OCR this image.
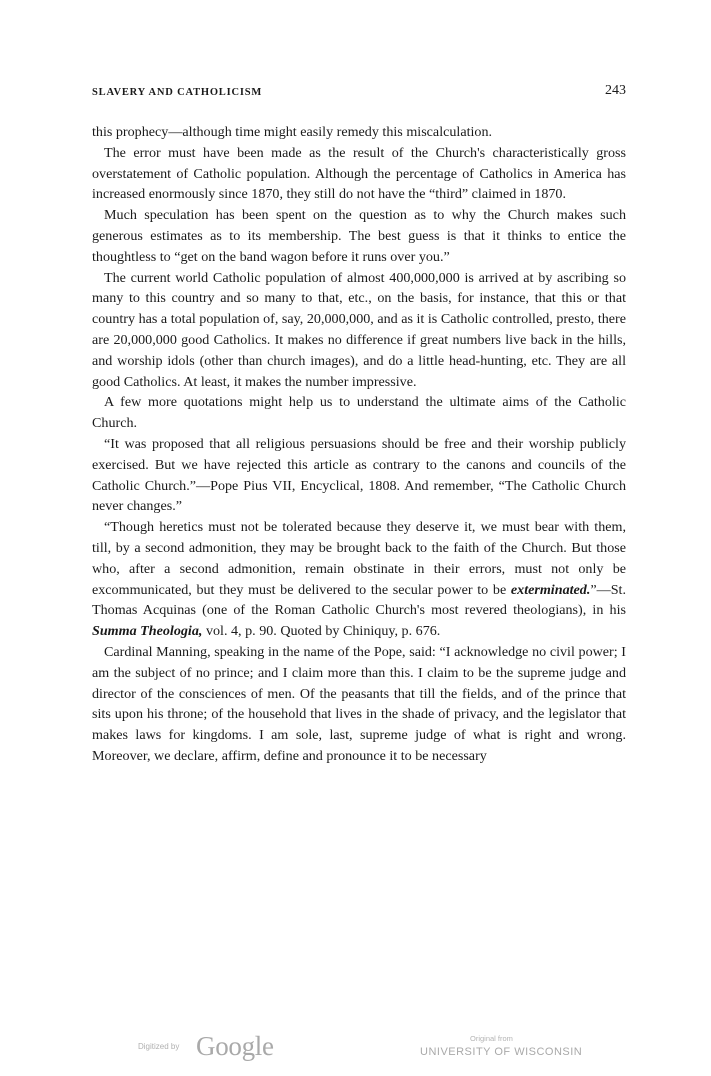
SLAVERY AND CATHOLICISM	243

this prophecy—although time might easily remedy this miscalculation.

The error must have been made as the result of the Church's characteristically gross overstatement of Catholic population. Although the percentage of Catholics in America has increased enormously since 1870, they still do not have the “third” claimed in 1870.

Much speculation has been spent on the question as to why the Church makes such generous estimates as to its membership. The best guess is that it thinks to entice the thoughtless to “get on the band wagon before it runs over you.”

The current world Catholic population of almost 400,000,000 is arrived at by ascribing so many to this country and so many to that, etc., on the basis, for instance, that this or that country has a total population of, say, 20,000,000, and as it is Catholic controlled, presto, there are 20,000,000 good Catholics. It makes no difference if great numbers live back in the hills, and worship idols (other than church images), and do a little head-hunting, etc. They are all good Catholics. At least, it makes the number impressive.

A few more quotations might help us to understand the ultimate aims of the Catholic Church.

“It was proposed that all religious persuasions should be free and their worship publicly exercised. But we have rejected this article as contrary to the canons and councils of the Catholic Church.”—Pope Pius VII, Encyclical, 1808. And remember, “The Catholic Church never changes.”

“Though heretics must not be tolerated because they deserve it, we must bear with them, till, by a second admonition, they may be brought back to the faith of the Church. But those who, after a second admonition, remain obstinate in their errors, must not only be excommunicated, but they must be delivered to the secular power to be exterminated.”—St. Thomas Acquinas (one of the Roman Catholic Church's most revered theologians), in his Summa Theologia, vol. 4, p. 90. Quoted by Chiniquy, p. 676.

Cardinal Manning, speaking in the name of the Pope, said: “I acknowledge no civil power; I am the subject of no prince; and I claim more than this. I claim to be the supreme judge and director of the consciences of men. Of the peasants that till the fields, and of the prince that sits upon his throne; of the household that lives in the shade of privacy, and the legislator that makes laws for kingdoms. I am sole, last, supreme judge of what is right and wrong. Moreover, we declare, affirm, define and pronounce it to be necessary

Digitized by Google	Original from
UNIVERSITY OF WISCONSIN
